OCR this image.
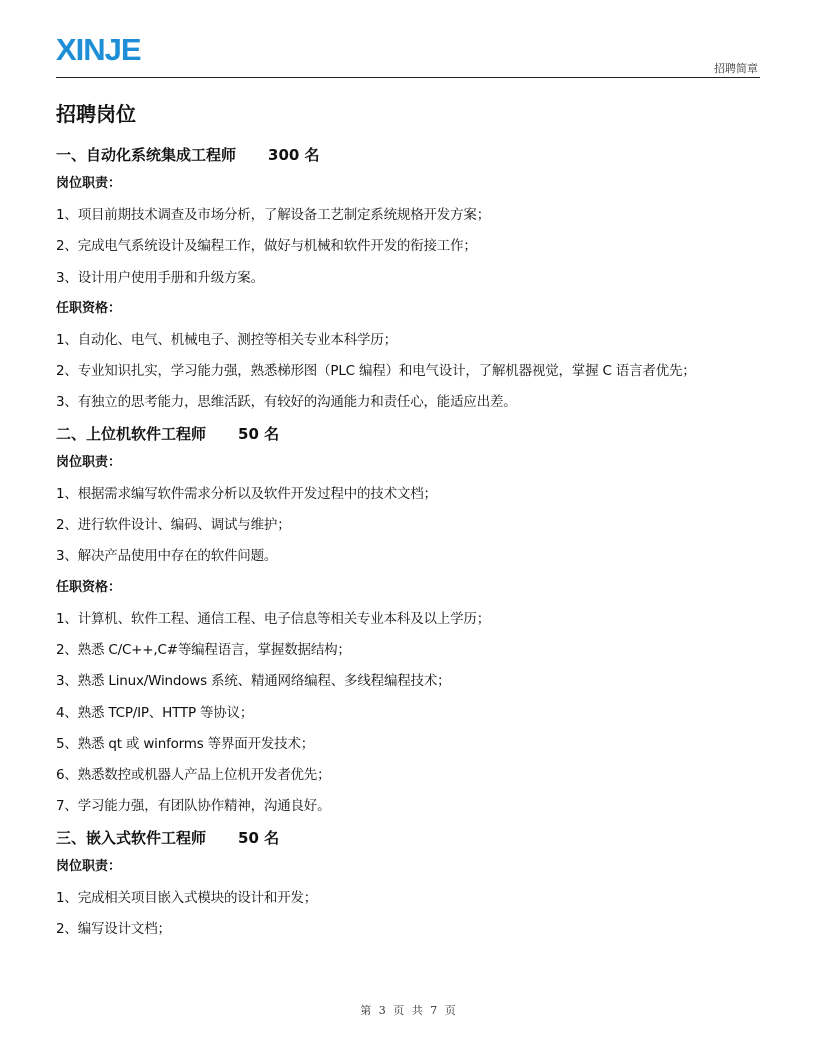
XINJE
招聘简章
招聘岗位
一、自动化系统集成工程师 300 名
岗位职责：
1、项目前期技术调查及市场分析，了解设备工艺制定系统规格开发方案；
2、完成电气系统设计及编程工作，做好与机械和软件开发的衔接工作；
3、设计用户使用手册和升级方案。
任职资格：
1、自动化、电气、机械电子、测控等相关专业本科学历；
2、专业知识扎实，学习能力强，熟悉梯形图（PLC 编程）和电气设计，了解机器视觉，掌握 C 语言者优先；
3、有独立的思考能力，思维活跃，有较好的沟通能力和责任心，能适应出差。
二、上位机软件工程师 50 名
岗位职责：
1、根据需求编写软件需求分析以及软件开发过程中的技术文档；
2、进行软件设计、编码、调试与维护；
3、解决产品使用中存在的软件问题。
任职资格：
1、计算机、软件工程、通信工程、电子信息等相关专业本科及以上学历；
2、熟悉 C/C++,C#等编程语言，掌握数据结构；
3、熟悉 Linux/Windows 系统、精通网络编程、多线程编程技术；
4、熟悉 TCP/IP、HTTP 等协议；
5、熟悉 qt 或 winforms 等界面开发技术；
6、熟悉数控或机器人产品上位机开发者优先；
7、学习能力强，有团队协作精神，沟通良好。
三、嵌入式软件工程师 50 名
岗位职责：
1、完成相关项目嵌入式模块的设计和开发；
2、编写设计文档；
第 3 页 共 7 页
